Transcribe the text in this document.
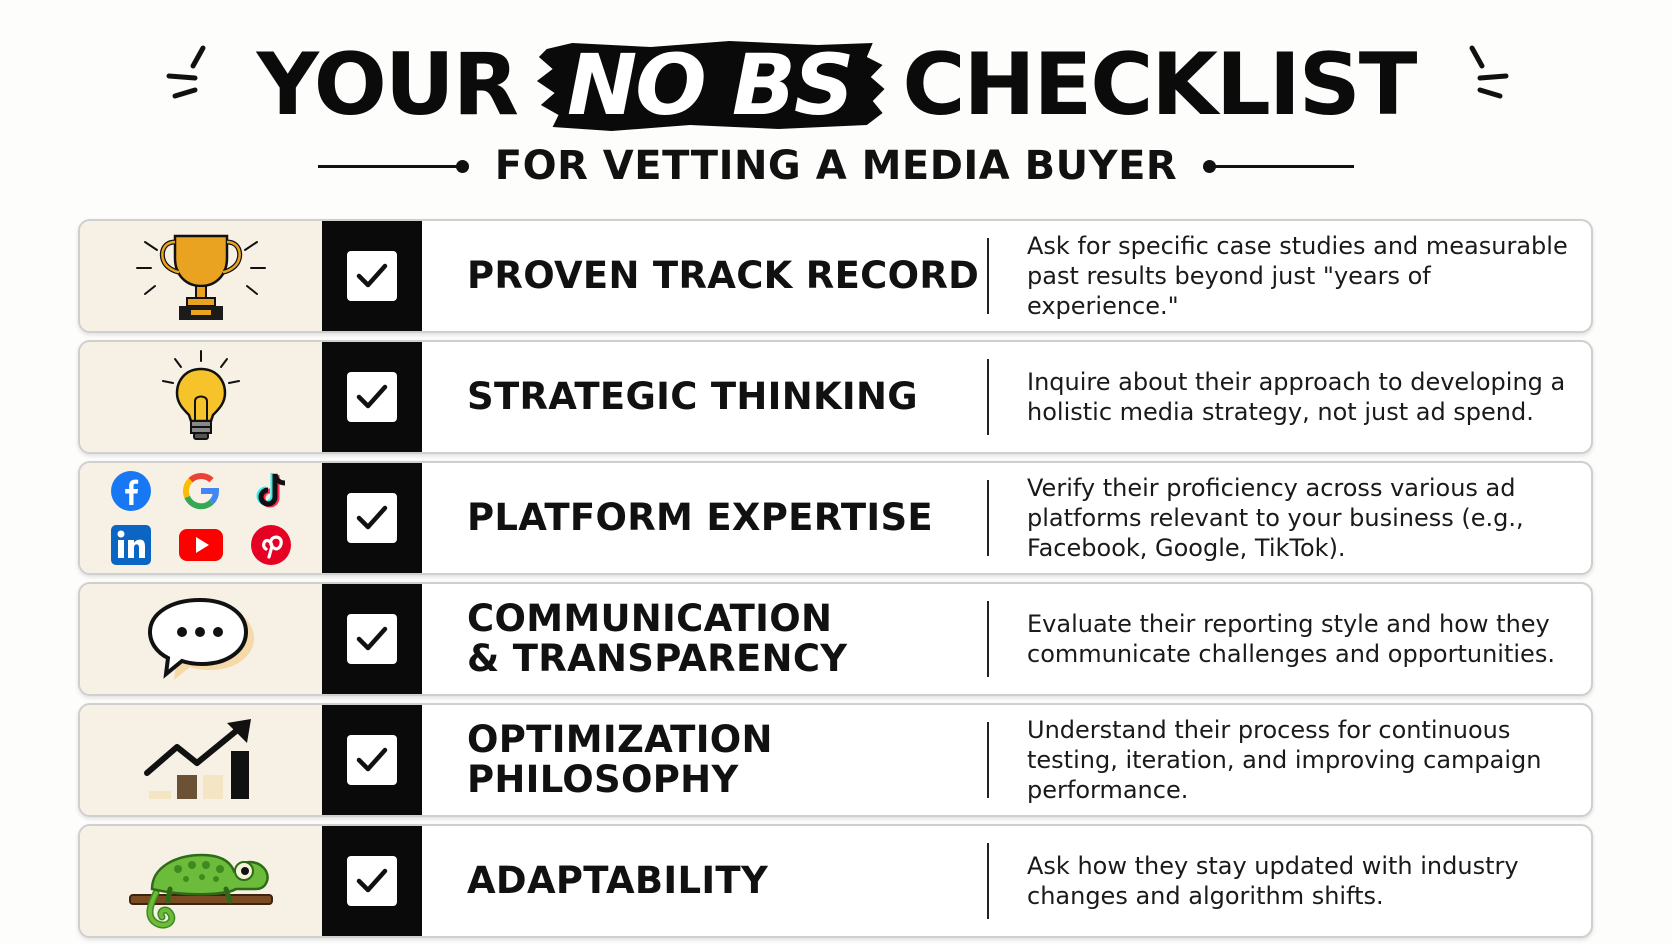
YOUR NO BS CHECKLIST
FOR VETTING A MEDIA BUYER
PROVEN TRACK RECORD
Ask for specific case studies and measurable past results beyond just "years of experience."
STRATEGIC THINKING	Inquire about their approach to developing a holistic media strategy, not just ad spend.
PLATFORM EXPERTISE
Verify their proficiency across various ad platforms relevant to your business (e.g., Facebook, Google, TikTok).
COMMUNICATION & TRANSPARENCY
Evaluate their reporting style and how they communicate challenges and opportunities.
OPTIMIZATION PHILOSOPHY
Understand their process for continuous testing, iteration, and improving campaign performance.
ADAPTABILITY	Ask how they stay updated with industry changes and algorithm shifts.
